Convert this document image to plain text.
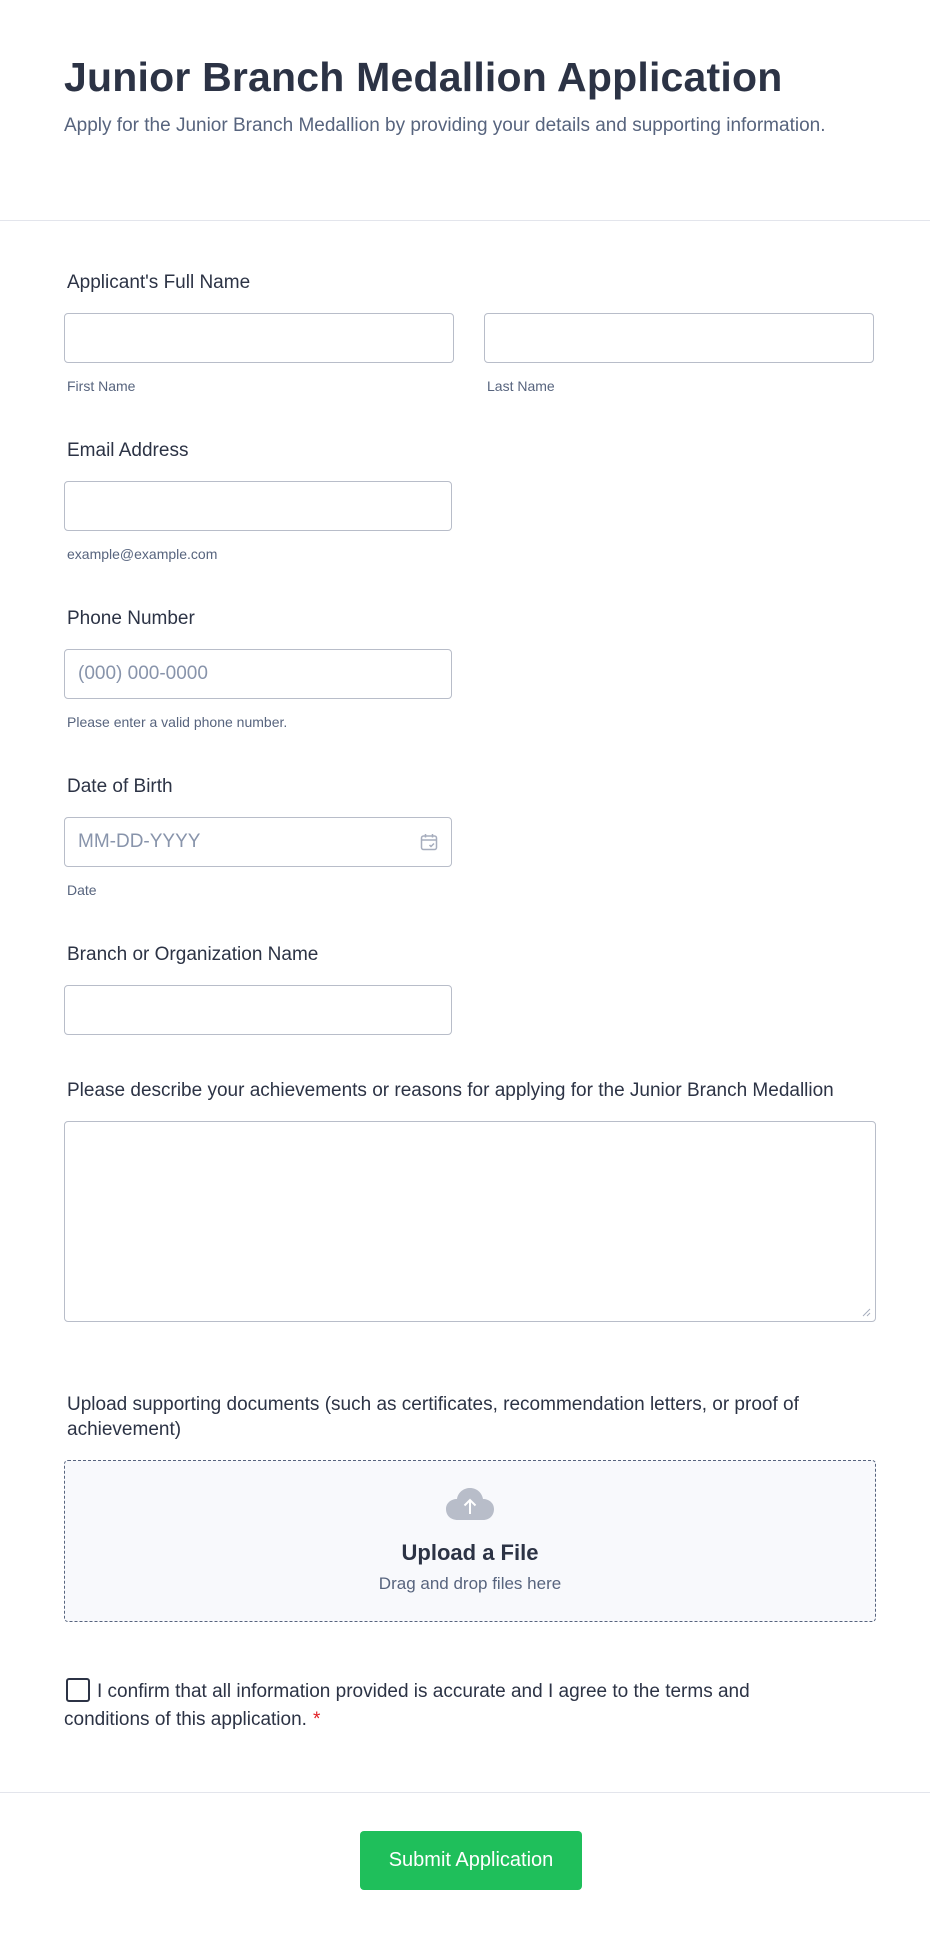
Junior Branch Medallion Application

Apply for the Junior Branch Medallion by providing your details and supporting information.

Applicant's Full Name
First Name	Last Name
Email Address
example@example.com
Phone Number
(000) 000-0000
Please enter a valid phone number.
Date of Birth
MM-DD-YYYY
Date
Branch or Organization Name
Please describe your achievements or reasons for applying for the Junior Branch Medallion
Upload supporting documents (such as certificates, recommendation letters, or proof of achievement)
Upload a File
Drag and drop files here
I confirm that all information provided is accurate and I agree to the terms and conditions of this application. *
Submit Application
